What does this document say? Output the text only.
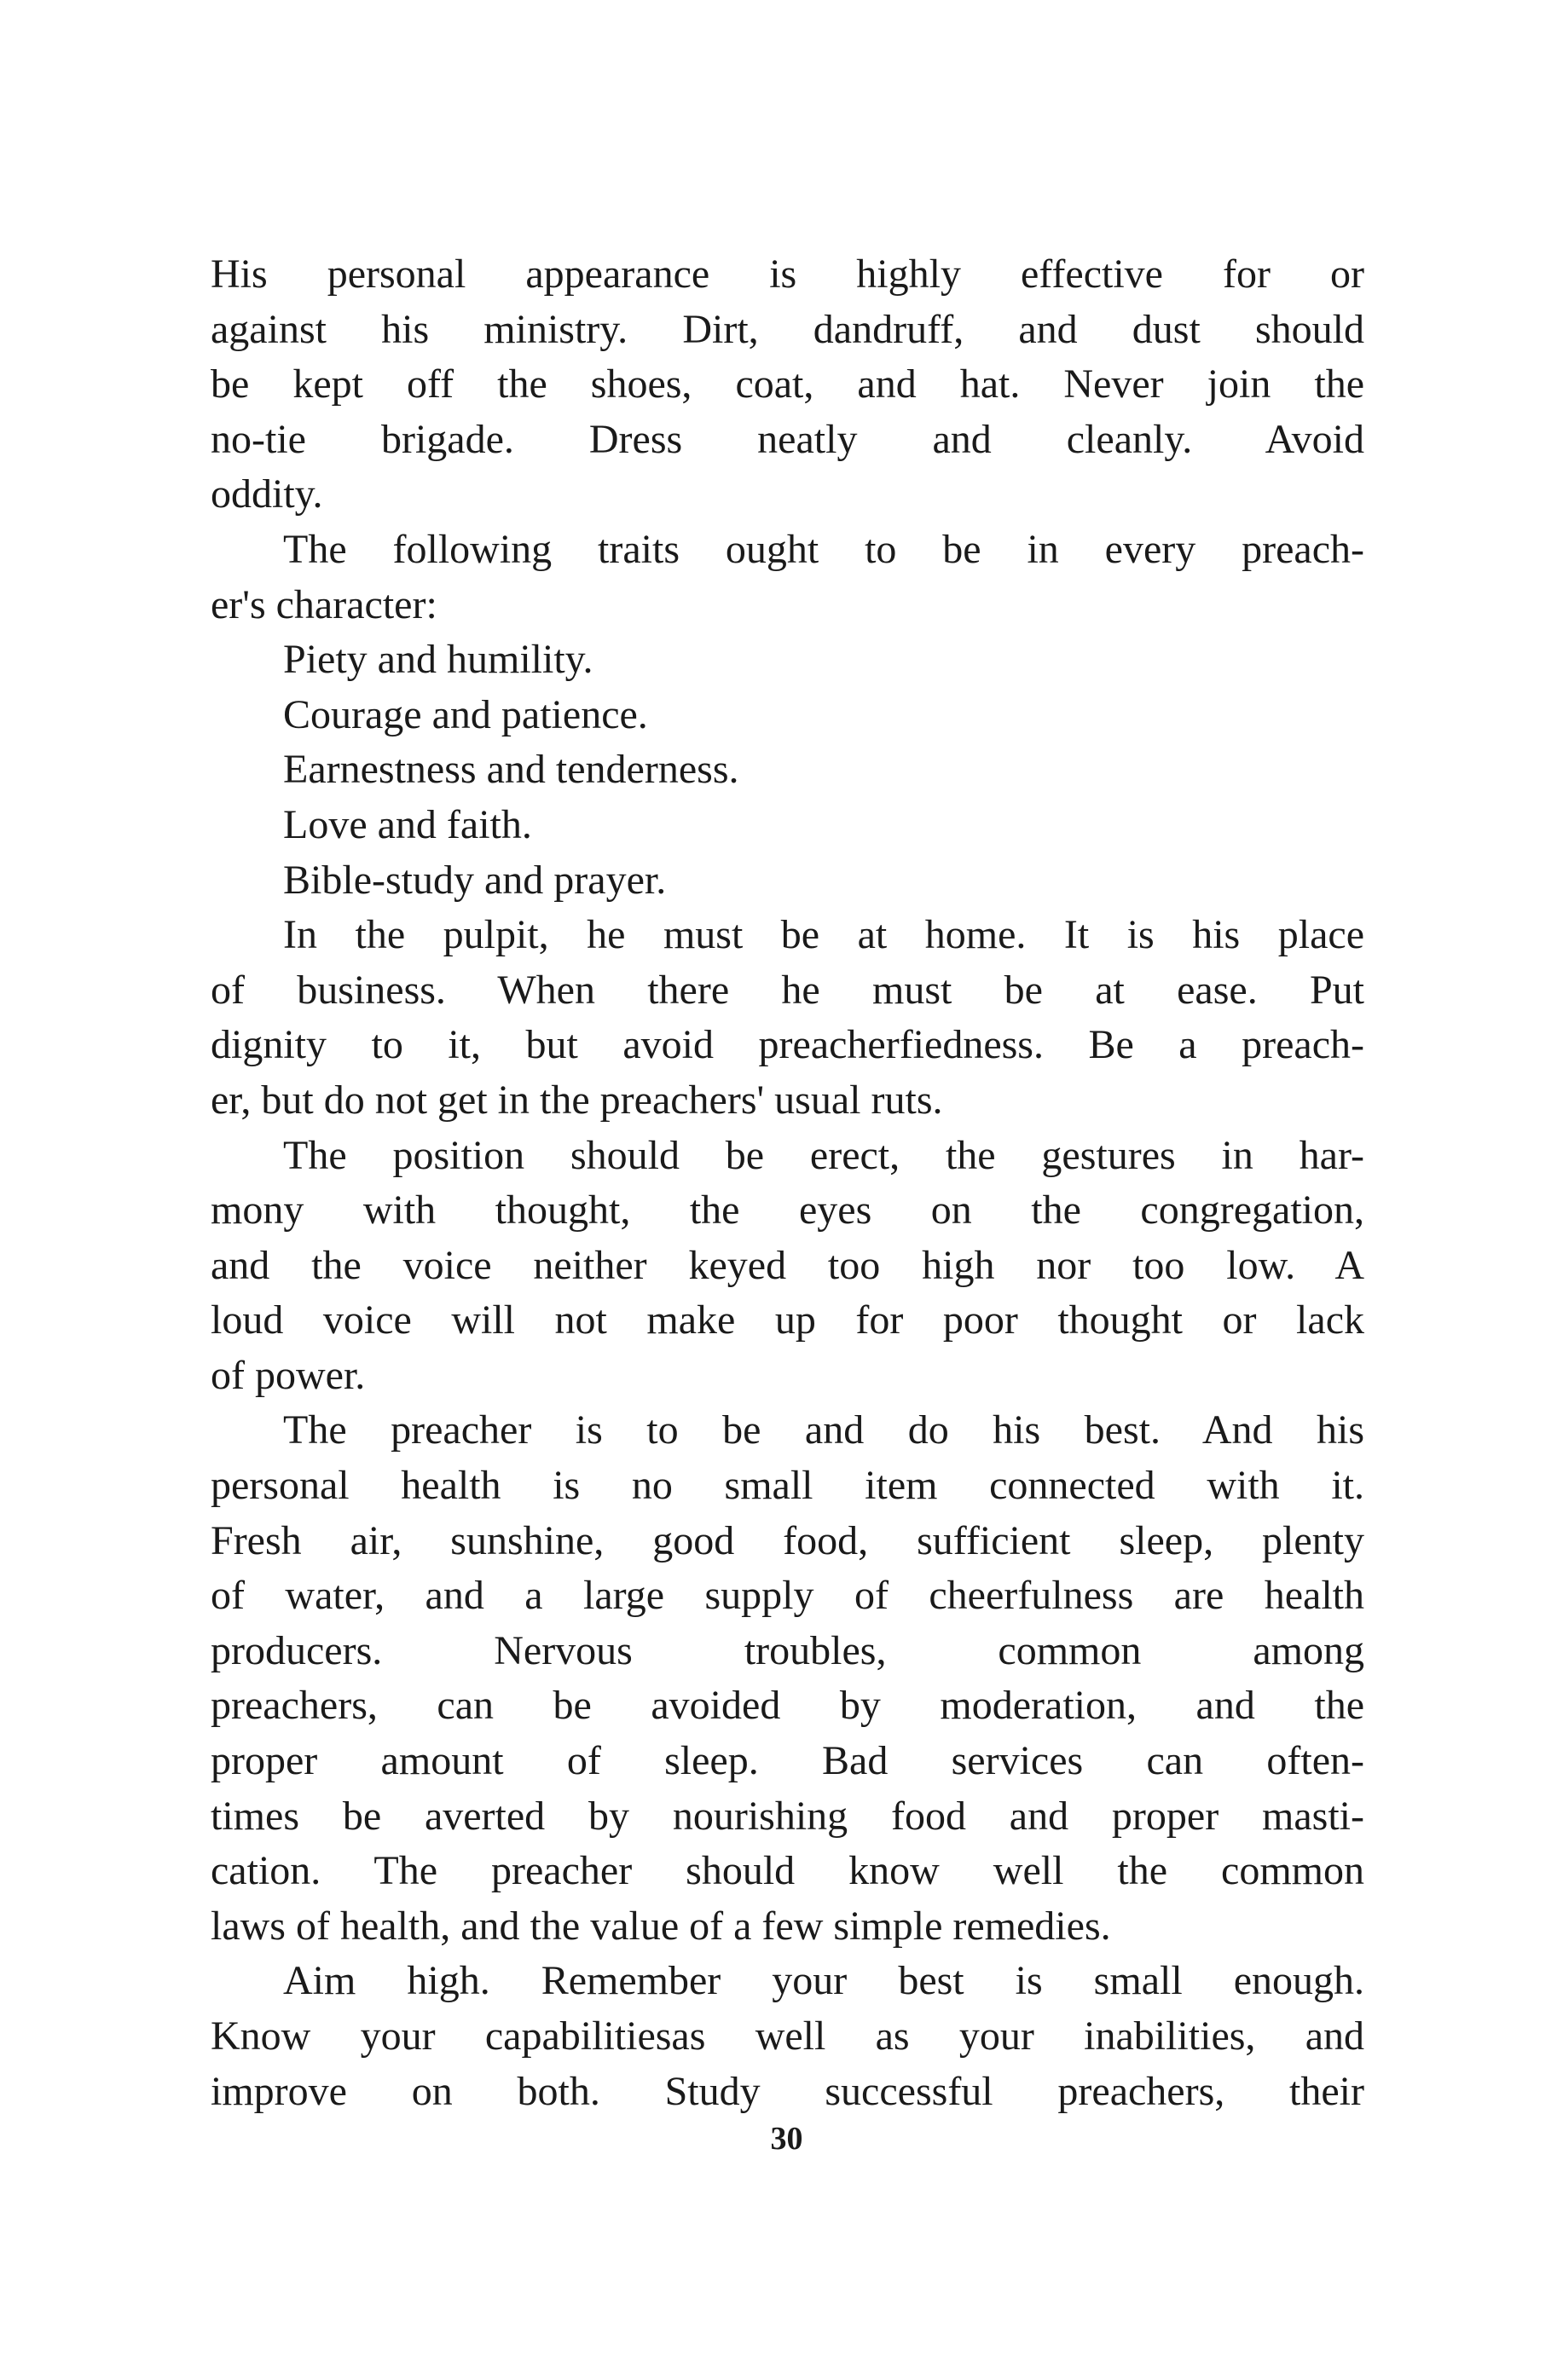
His personal appearance is highly effective for or
against his ministry. Dirt, dandruff, and dust should
be kept off the shoes, coat, and hat. Never join the
no-tie brigade. Dress neatly and cleanly. Avoid
oddity.
The following traits ought to be in every preach-
er's character:
Piety and humility.
Courage and patience.
Earnestness and tenderness.
Love and faith.
Bible-study and prayer.
In the pulpit, he must be at home. It is his place
of business. When there he must be at ease. Put
dignity to it, but avoid preacherfiedness. Be a preach-
er, but do not get in the preachers' usual ruts.
The position should be erect, the gestures in har-
mony with thought, the eyes on the congregation,
and the voice neither keyed too high nor too low. A
loud voice will not make up for poor thought or lack
of power.
The preacher is to be and do his best. And his
personal health is no small item connected with it.
Fresh air, sunshine, good food, sufficient sleep, plenty
of water, and a large supply of cheerfulness are health
producers. Nervous troubles, common among
preachers, can be avoided by moderation, and the
proper amount of sleep. Bad services can often-
times be averted by nourishing food and proper masti-
cation. The preacher should know well the common
laws of health, and the value of a few simple remedies.
Aim high. Remember your best is small enough.
Know your capabilitiesas well as your inabilities, and
improve on both. Study successful preachers, their
30
